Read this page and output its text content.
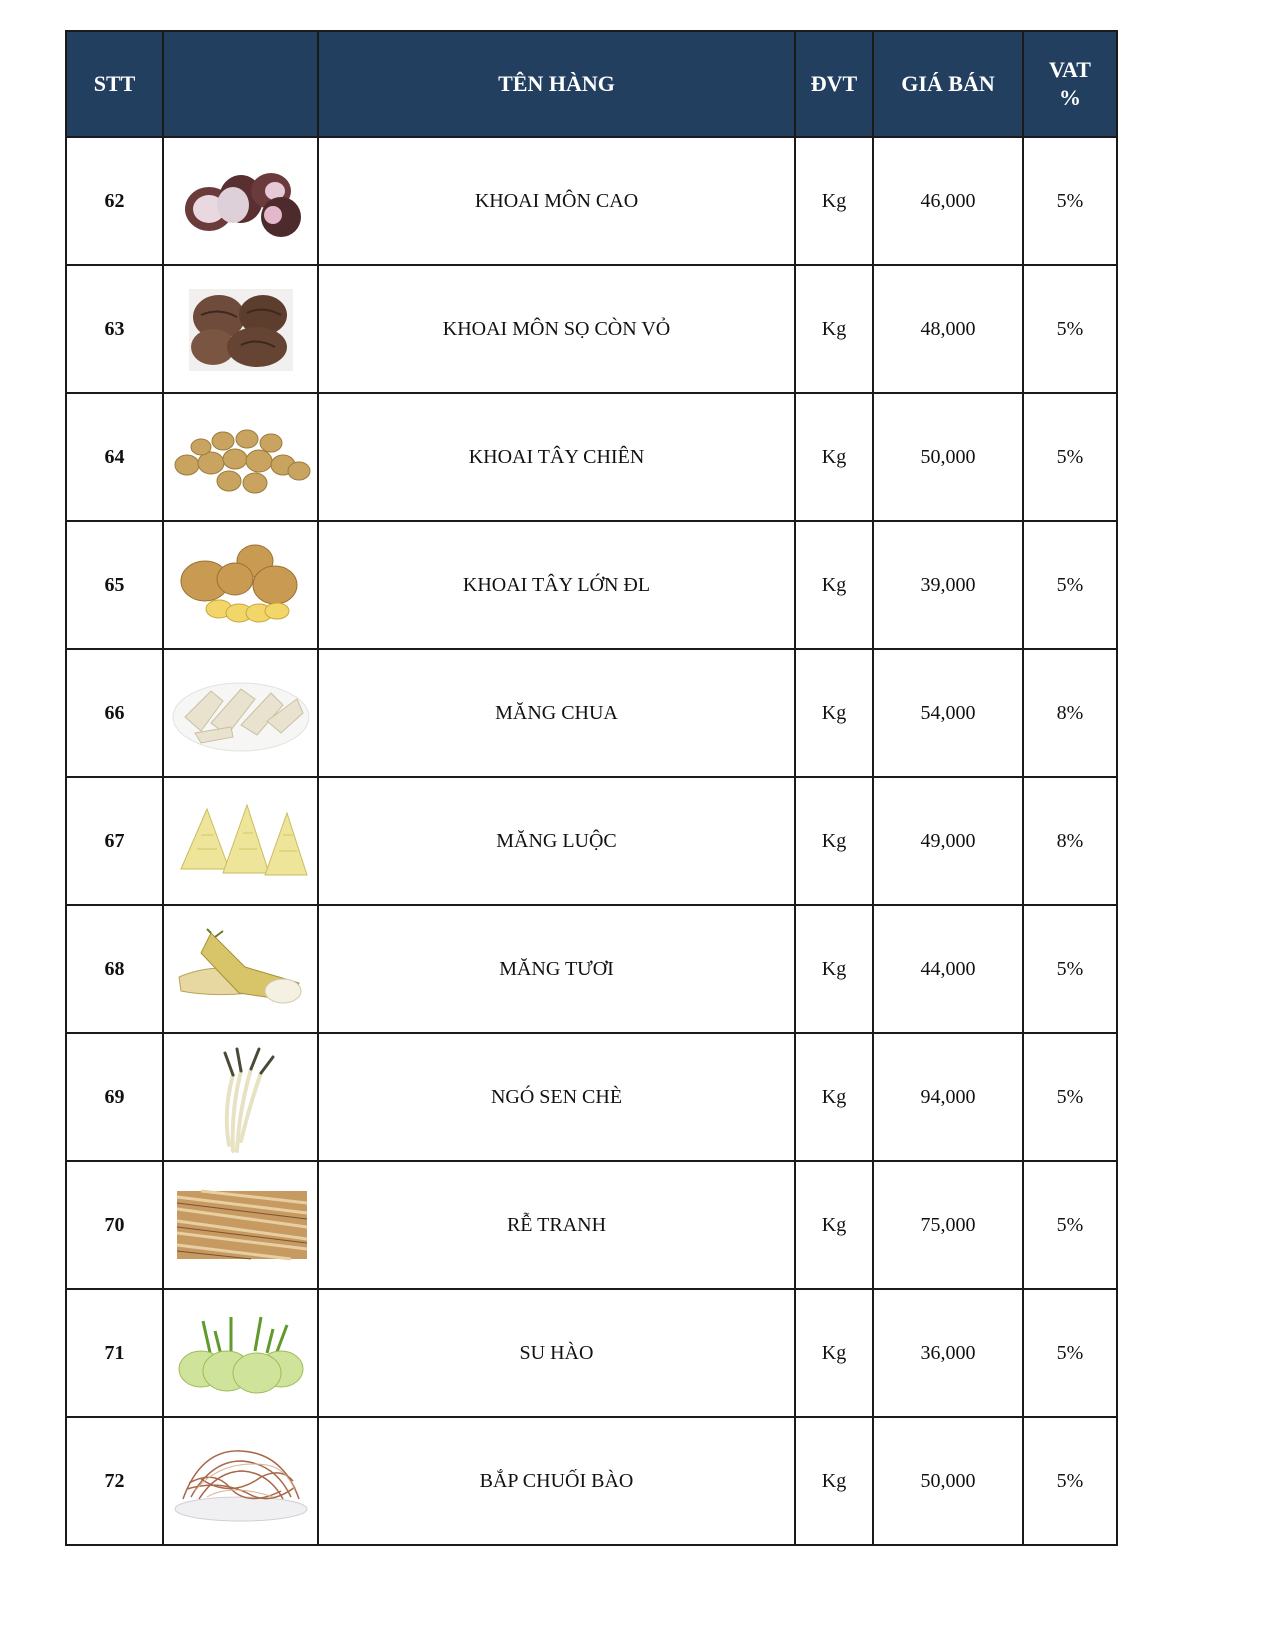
STT		TÊN HÀNG	ĐVT	GIÁ BÁN	VAT
%

62		KHOAI MÔN CAO	Kg	46,000	5%
63		KHOAI MÔN SỌ CÒN VỎ	Kg	48,000	5%
64		KHOAI TÂY CHIÊN	Kg	50,000	5%
65		KHOAI TÂY LỚN ĐL	Kg	39,000	5%
66		MĂNG CHUA	Kg	54,000	8%
67		MĂNG LUỘC	Kg	49,000	8%
68		MĂNG TƯƠI	Kg	44,000	5%
69		NGÓ SEN CHÈ	Kg	94,000	5%
70		RỄ TRANH	Kg	75,000	5%
71		SU HÀO	Kg	36,000	5%
72		BẮP CHUỐI BÀO	Kg	50,000	5%
